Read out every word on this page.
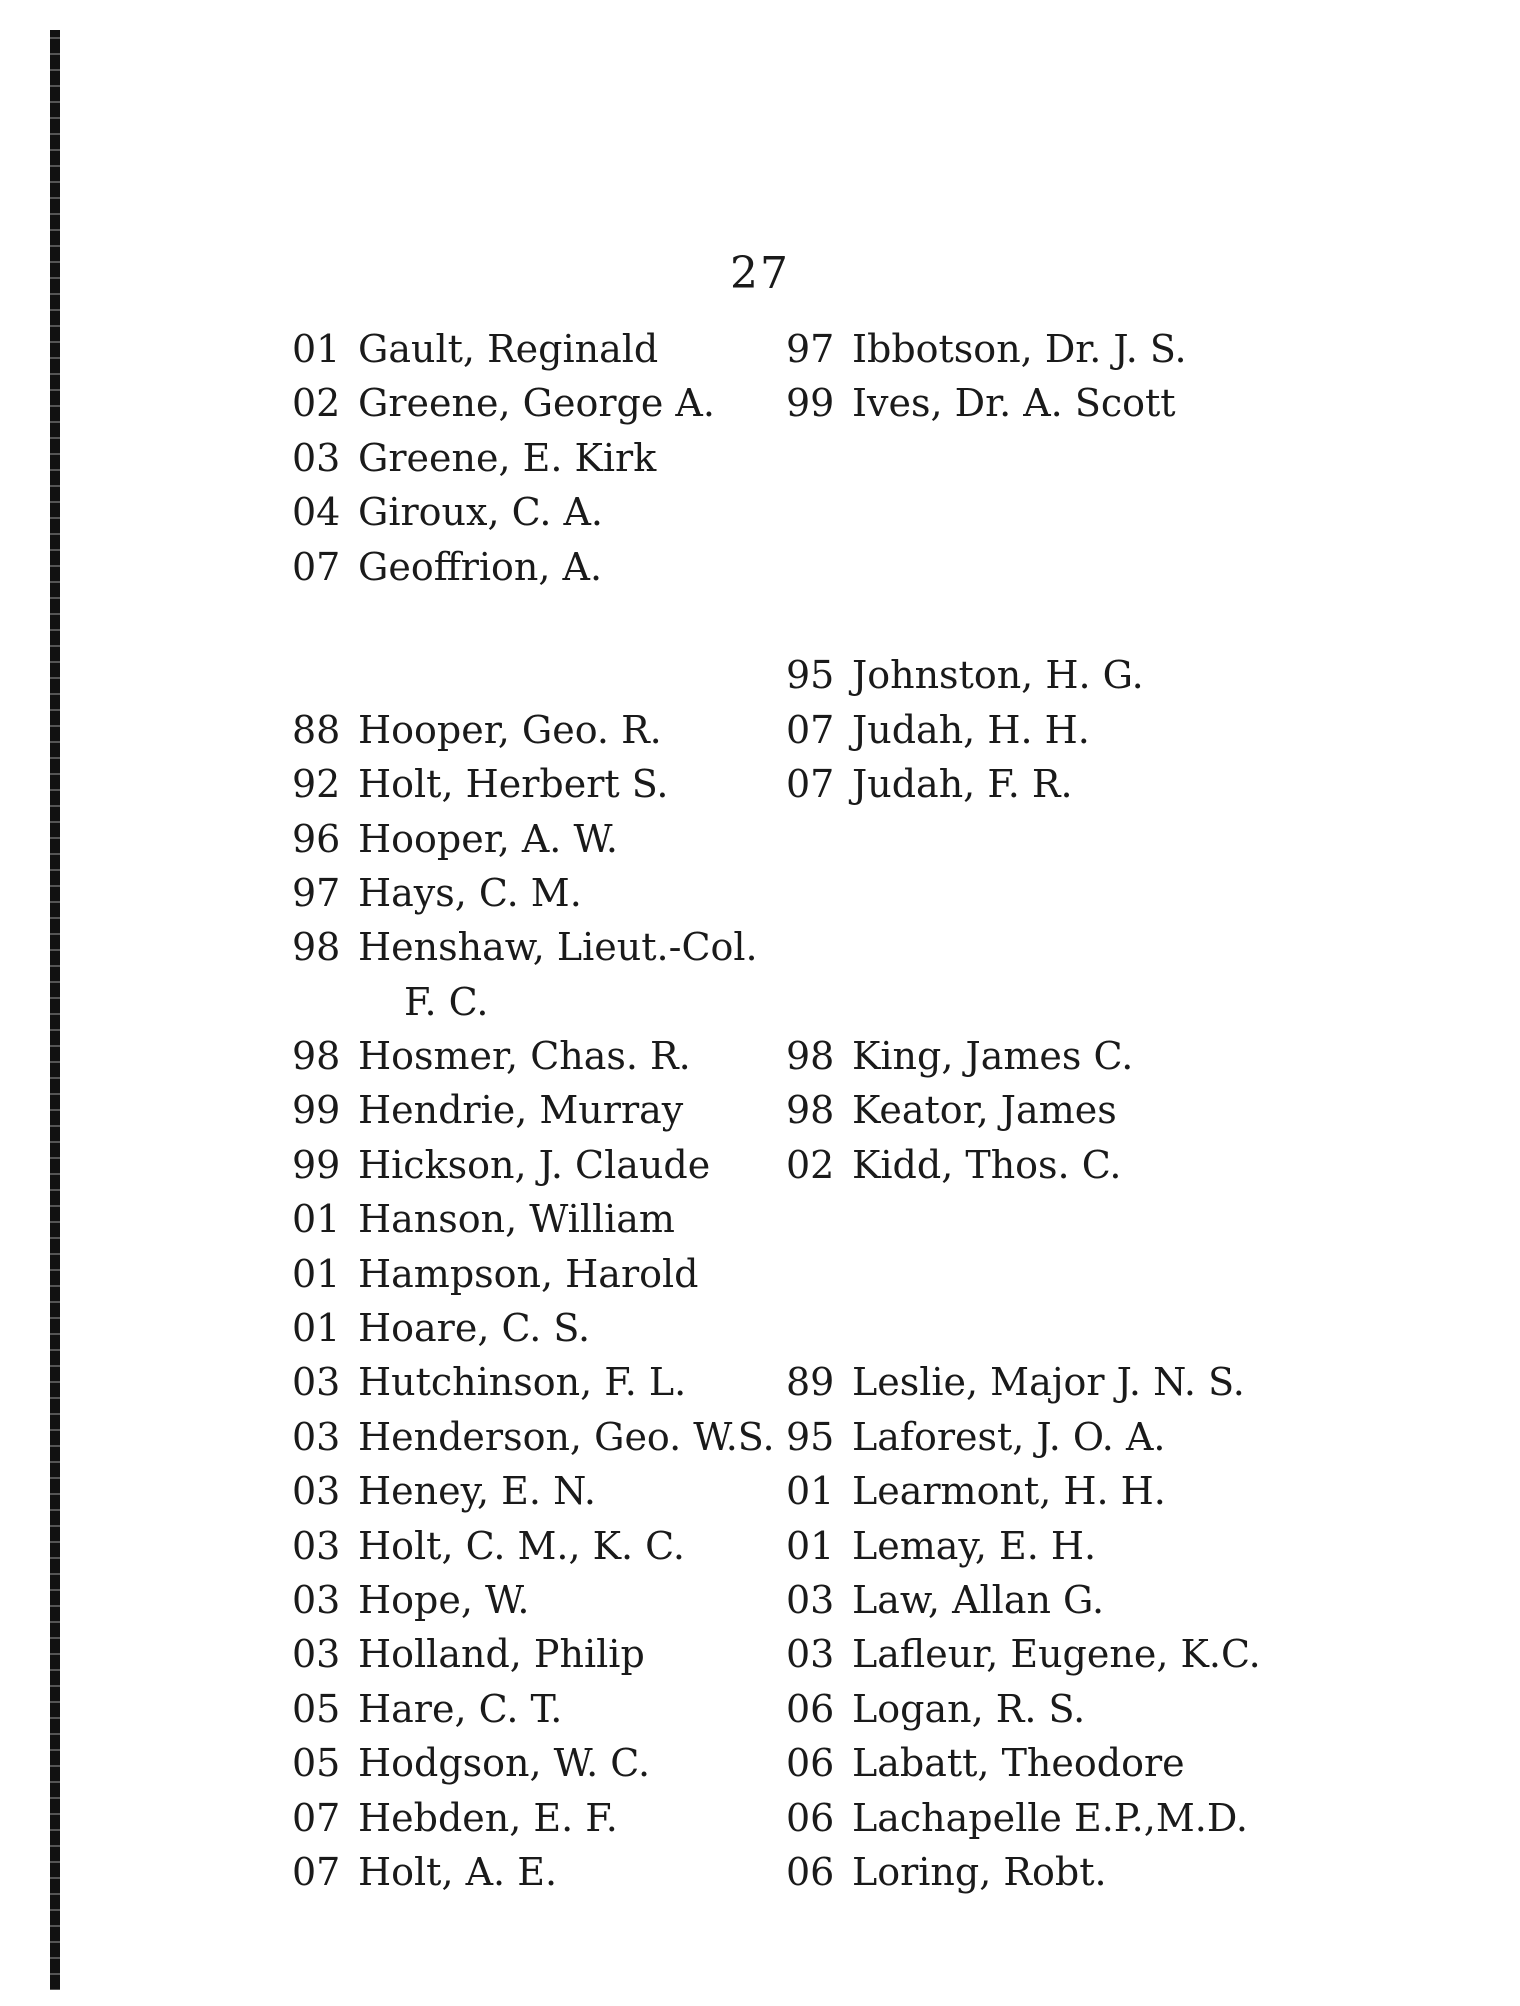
27
01 Gault, Reginald
02 Greene, George A.
03 Greene, E. Kirk
04 Giroux, C. A.
07 Geoffrion, A.
88 Hooper, Geo. R.
92 Holt, Herbert S.
96 Hooper, A. W.
97 Hays, C. M.
98 Henshaw, Lieut.-Col.
F. C.
98 Hosmer, Chas. R.
99 Hendrie, Murray
99 Hickson, J. Claude
01 Hanson, William
01 Hampson, Harold
01 Hoare, C. S.
03 Hutchinson, F. L.
03 Henderson, Geo. W.S.
03 Heney, E. N.
03 Holt, C. M., K. C.
03 Hope, W.
03 Holland, Philip
05 Hare, C. T.
05 Hodgson, W. C.
07 Hebden, E. F.
07 Holt, A. E.
97 Ibbotson, Dr. J. S.
99 Ives, Dr. A. Scott
95 Johnston, H. G.
07 Judah, H. H.
07 Judah, F. R.
98 King, James C.
98 Keator, James
02 Kidd, Thos. C.
89 Leslie, Major J. N. S.
95 Laforest, J. O. A.
01 Learmont, H. H.
01 Lemay, E. H.
03 Law, Allan G.
03 Lafleur, Eugene, K.C.
06 Logan, R. S.
06 Labatt, Theodore
06 Lachapelle E.P.,M.D.
06 Loring, Robt.
